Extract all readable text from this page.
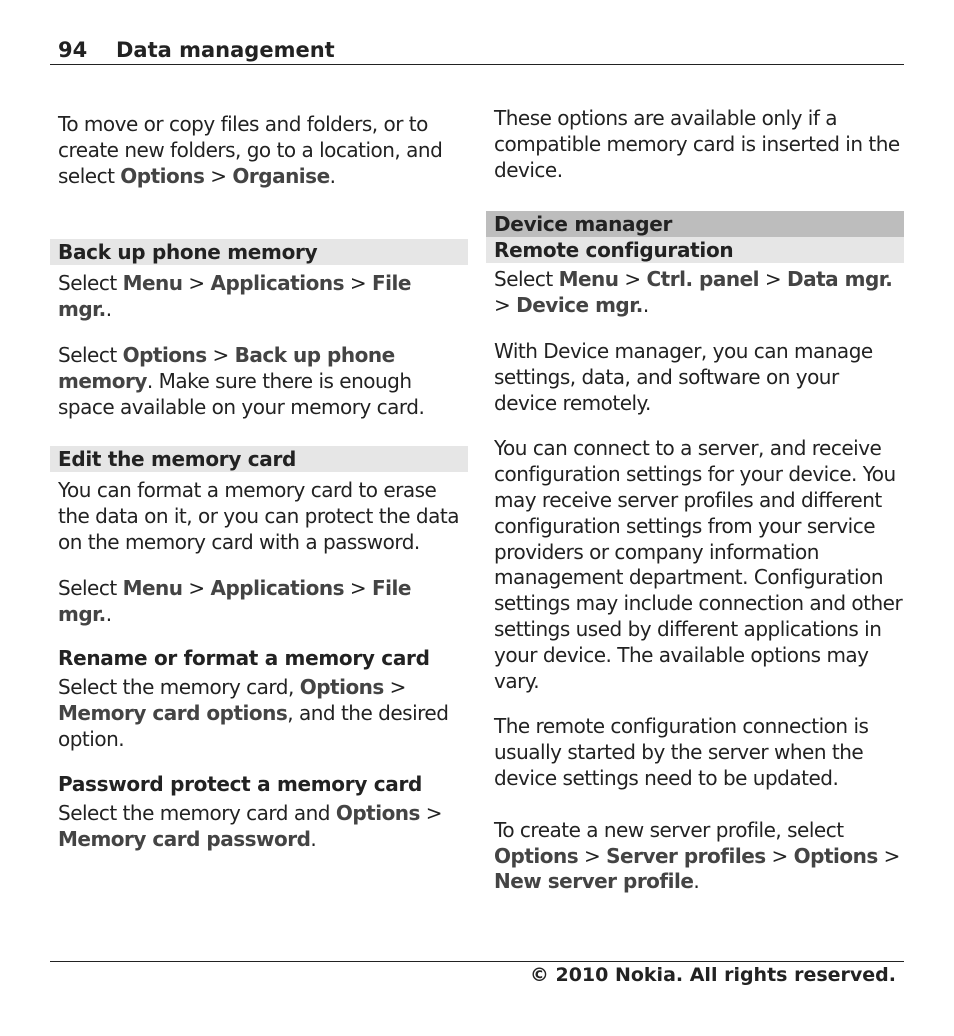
94 Data management
To move or copy files and folders, or to create new folders, go to a location, and select Options > Organise.
Back up phone memory
Select Menu > Applications > File mgr..
Select Options > Back up phone memory. Make sure there is enough space available on your memory card.
Edit the memory card
You can format a memory card to erase the data on it, or you can protect the data on the memory card with a password.
Select Menu > Applications > File mgr..
Rename or format a memory card
Select the memory card, Options > Memory card options, and the desired option.
Password protect a memory card
Select the memory card and Options > Memory card password.
These options are available only if a compatible memory card is inserted in the device.
Device manager
Remote configuration
Select Menu > Ctrl. panel > Data mgr. > Device mgr..
With Device manager, you can manage settings, data, and software on your device remotely.
You can connect to a server, and receive configuration settings for your device. You may receive server profiles and different configuration settings from your service providers or company information management department. Configuration settings may include connection and other settings used by different applications in your device. The available options may vary.
The remote configuration connection is usually started by the server when the device settings need to be updated.
To create a new server profile, select Options > Server profiles > Options > New server profile.
© 2010 Nokia. All rights reserved.
